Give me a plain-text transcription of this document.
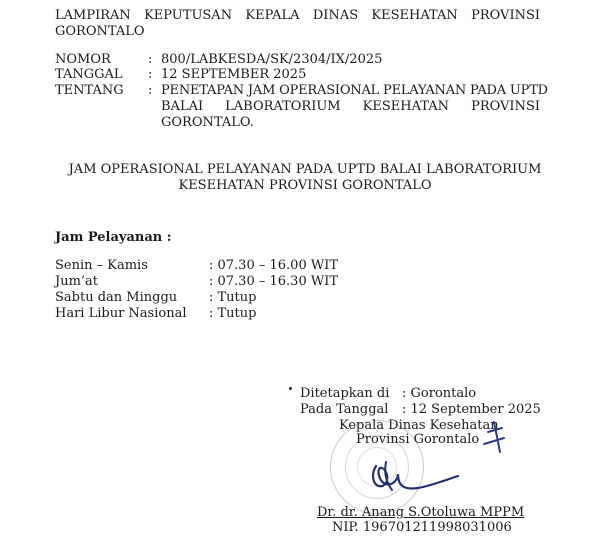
LAMPIRAN KEPUTUSAN KEPALA DINAS KESEHATAN PROVINSI
GORONTALO
NOMOR	: 800/LABKESDA/SK/2304/IX/2025
TANGGAL : 12 SEPTEMBER 2025
TENTANG : PENETAPAN JAM OPERASIONAL PELAYANAN PADA UPTD
BALAI LABORATORIUM KESEHATAN PROVINSI
GORONTALO.
JAM OPERASIONAL PELAYANAN PADA UPTD BALAI LABORATORIUM
KESEHATAN PROVINSI GORONTALO
Jam Pelayanan :
Senin – Kamis	: 07.30 – 16.00 WIT
Jum’at	: 07.30 – 16.30 WIT
Sabtu dan Minggu : Tutup
Hari Libur Nasional : Tutup
Ditetapkan di : Gorontalo
Pada Tanggal : 12 September 2025
Kepala Dinas Kesehatan
Provinsi Gorontalo
Dr. dr. Anang S.Otoluwa MPPM
NIP. 196701211998031006
